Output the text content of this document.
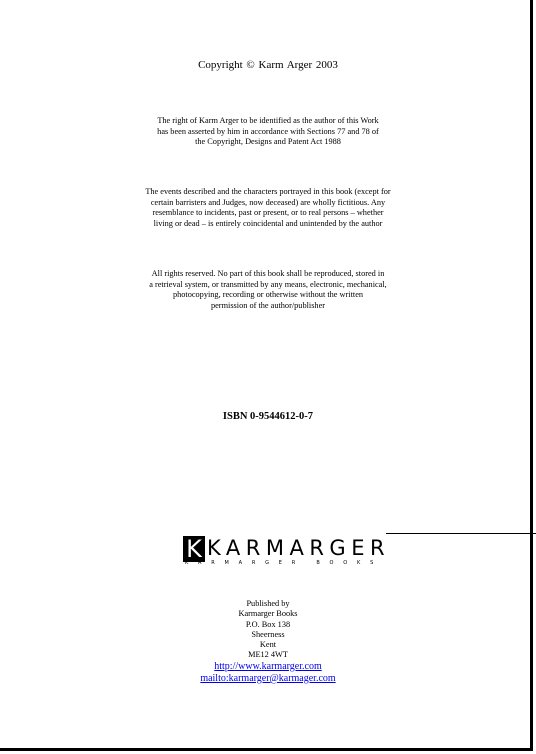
Copyright © Karm Arger 2003
The right of Karm Arger to be identified as the author of this Work
has been asserted by him in accordance with Sections 77 and 78 of
the Copyright, Designs and Patent Act 1988
The events described and the characters portrayed in this book (except for
certain barristers and Judges, now deceased) are wholly fictitious. Any
resemblance to incidents, past or present, or to real persons – whether
living or dead – is entirely coincidental and unintended by the author
All rights reserved. No part of this book shall be reproduced, stored in
a retrieval system, or transmitted by any means, electronic, mechanical,
photocopying, recording or otherwise without the written
permission of the author/publisher
ISBN 0-9544612-0-7
K KARMARGER
KARMARGER BOOKS
Published by
Karmarger Books
P.O. Box 138
Sheerness
Kent
ME12 4WT
http://www.karmarger.com
mailto:karmarger@karmager.com
